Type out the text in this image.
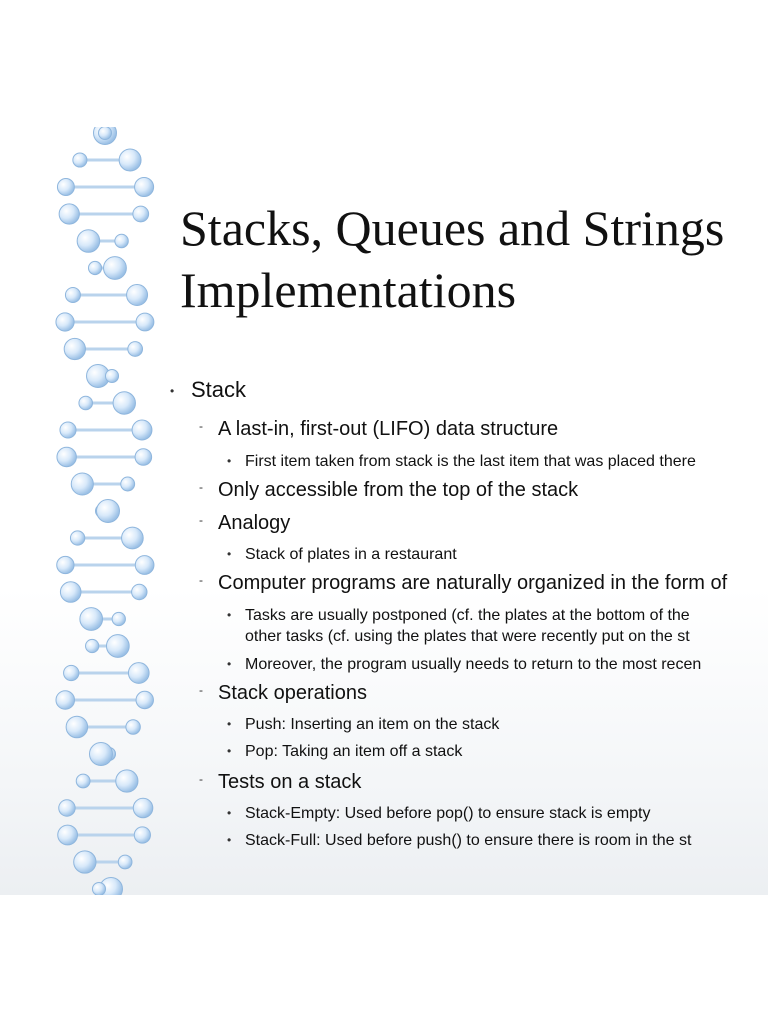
Stacks, Queues and Strings
Implementations
• Stack
- A last-in, first-out (LIFO) data structure
• First item taken from stack is the last item that was placed there
- Only accessible from the top of the stack
- Analogy
• Stack of plates in a restaurant
- Computer programs are naturally organized in the form of
• Tasks are usually postponed (cf. the plates at the bottom of the
other tasks (cf. using the plates that were recently put on the st
• Moreover, the program usually needs to return to the most recen
- Stack operations
• Push: Inserting an item on the stack
• Pop: Taking an item off a stack
- Tests on a stack
• Stack-Empty: Used before pop() to ensure stack is empty
• Stack-Full: Used before push() to ensure there is room in the st
